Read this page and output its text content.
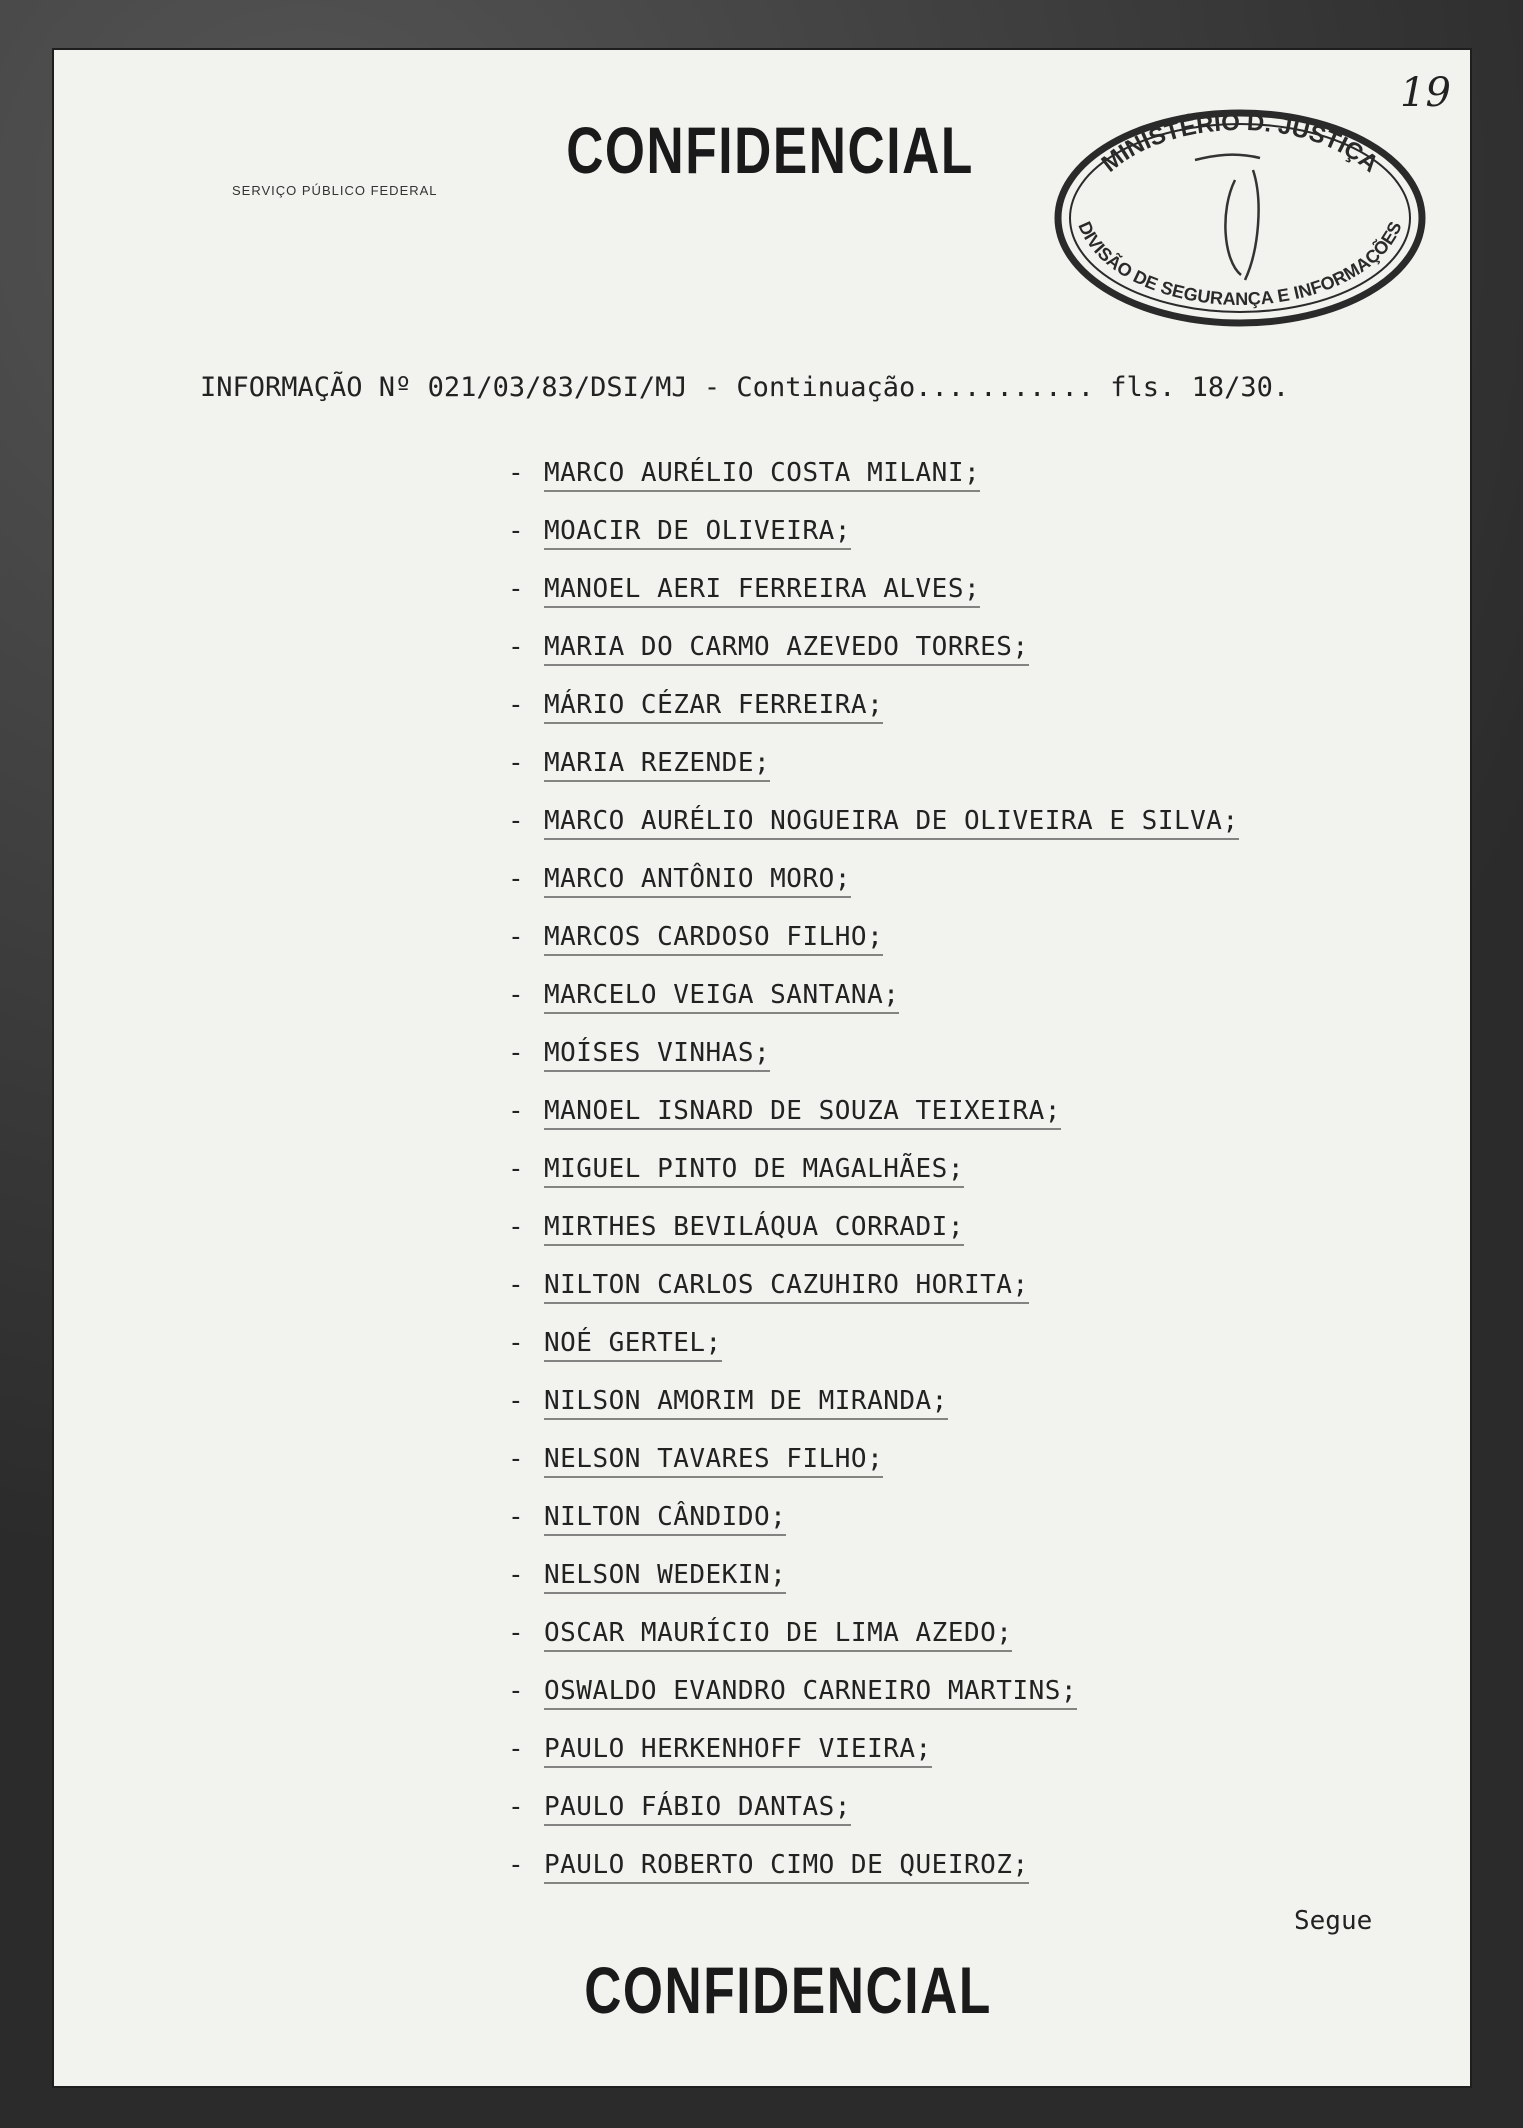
19
SERVIÇO PÚBLICO FEDERAL
CONFIDENCIAL	MINISTÉRIO D. JUSTIÇA
DIVISÃO DE SEGURANÇA E INFORMAÇÕES
INFORMAÇÃO Nº 021/03/83/DSI/MJ - Continuação........... fls. 18/30.
- MARCO AURÉLIO COSTA MILANI;
- MOACIR DE OLIVEIRA;
- MANOEL AERI FERREIRA ALVES;
- MARIA DO CARMO AZEVEDO TORRES;
- MÁRIO CÉZAR FERREIRA;
- MARIA REZENDE;
- MARCO AURÉLIO NOGUEIRA DE OLIVEIRA E SILVA;
- MARCO ANTÔNIO MORO;
- MARCOS CARDOSO FILHO;
- MARCELO VEIGA SANTANA;
- MOÍSES VINHAS;
- MANOEL ISNARD DE SOUZA TEIXEIRA;
- MIGUEL PINTO DE MAGALHÃES;
- MIRTHES BEVILÁQUA CORRADI;
- NILTON CARLOS CAZUHIRO HORITA;
- NOÉ GERTEL;
- NILSON AMORIM DE MIRANDA;
- NELSON TAVARES FILHO;
- NILTON CÂNDIDO;
- NELSON WEDEKIN;
- OSCAR MAURÍCIO DE LIMA AZEDO;
- OSWALDO EVANDRO CARNEIRO MARTINS;
- PAULO HERKENHOFF VIEIRA;
- PAULO FÁBIO DANTAS;
- PAULO ROBERTO CIMO DE QUEIROZ;
Segue
CONFIDENCIAL
